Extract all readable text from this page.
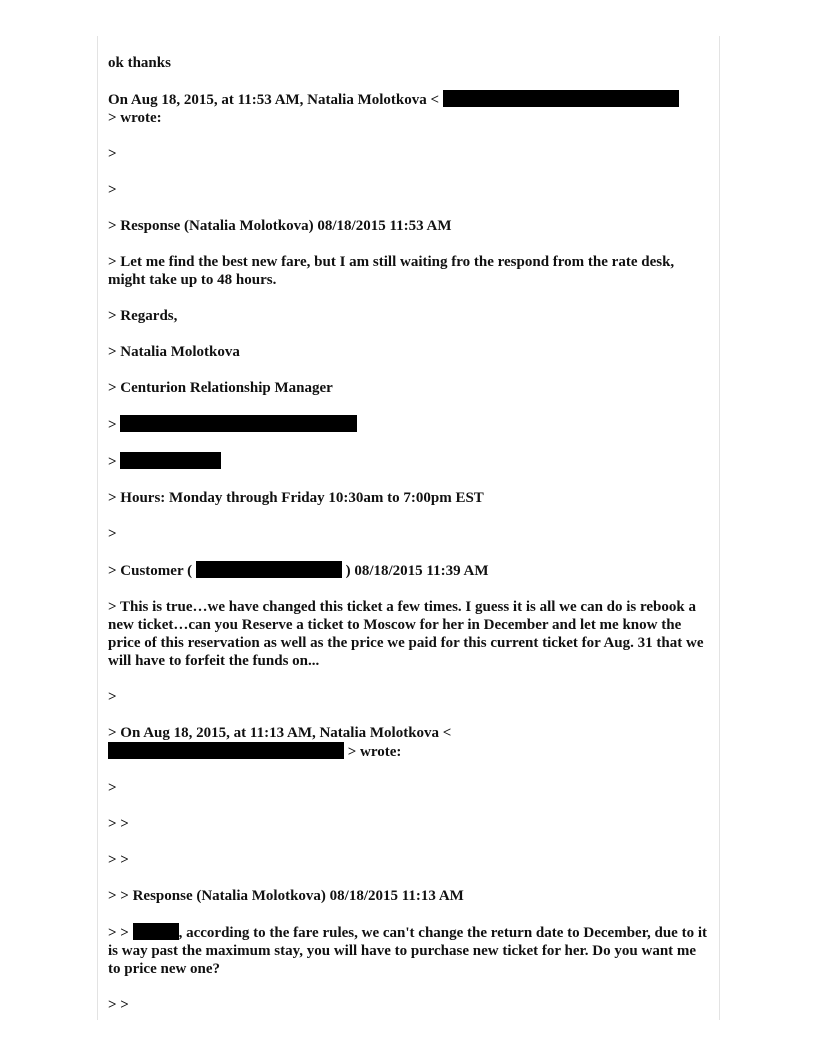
ok thanks

On Aug 18, 2015, at 11:53 AM, Natalia Molotkova <
> wrote:

>

>

> Response (Natalia Molotkova) 08/18/2015 11:53 AM

> Let me find the best new fare, but I am still waiting fro the respond from the rate desk, might take up to 48 hours.

> Regards,

> Natalia Molotkova

> Centurion Relationship Manager

>

>

> Hours: Monday through Friday 10:30am to 7:00pm EST

>

> Customer (	) 08/18/2015 11:39 AM

> This is true…we have changed this ticket a few times. I guess it is all we can do is rebook a new ticket…can you Reserve a ticket to Moscow for her in December and let me know the price of this reservation as well as the price we paid for this current ticket for Aug. 31 that we will have to forfeit the funds on...

>

> On Aug 18, 2015, at 11:13 AM, Natalia Molotkova <
> wrote:

>

> >

> >

> > Response (Natalia Molotkova) 08/18/2015 11:13 AM

> >	, according to the fare rules, we can't change the return date to December, due to it is way past the maximum stay, you will have to purchase new ticket for her. Do you want me to price new one?

> >
